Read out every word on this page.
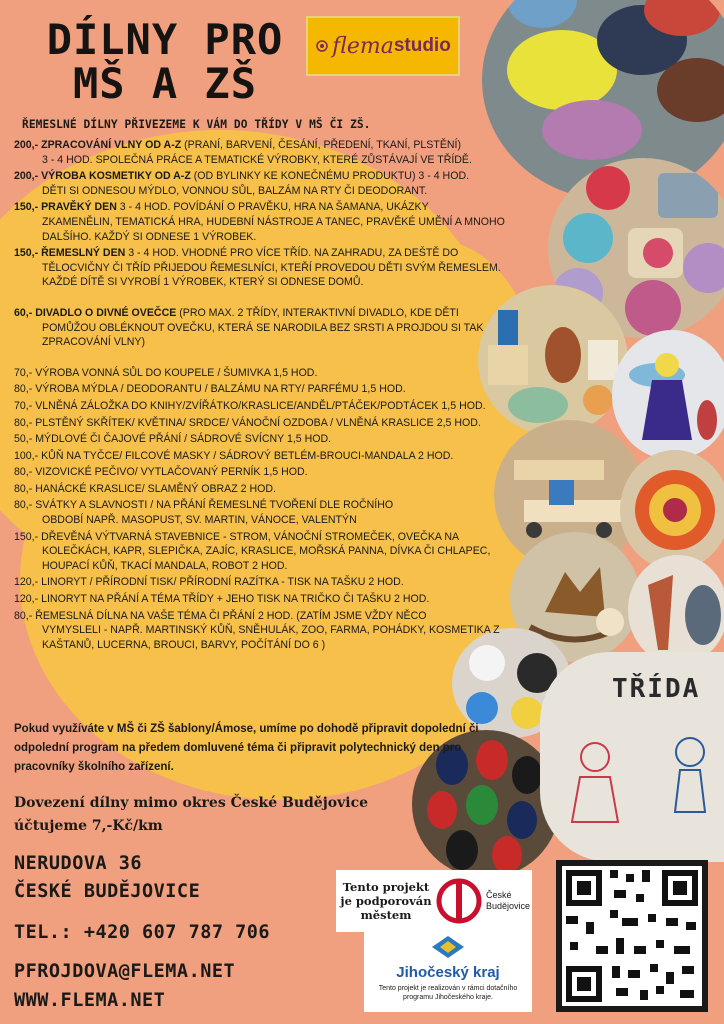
DÍLNY PRO
MŠ A ZŠ
flema studio
TŘÍDA
ŘEMESLNÉ DÍLNY PŘIVEZEME K VÁM DO TŘÍDY V MŠ ČI ZŠ.
200,- ZPRACOVÁNÍ VLNY OD A-Z (PRANÍ, BARVENÍ, ČESÁNÍ, PŘEDENÍ, TKANÍ, PLSTĚNÍ)
3 - 4 HOD. SPOLEČNÁ PRÁCE A TEMATICKÉ VÝROBKY, KTERÉ ZŮSTÁVAJÍ VE TŘÍDĚ.
200,- VÝROBA KOSMETIKY OD A-Z (OD BYLINKY KE KONEČNÉMU PRODUKTU) 3 - 4 HOD.
DĚTI SI ODNESOU MÝDLO, VONNOU SŮL, BALZÁM NA RTY ČI DEODORANT.
150,- PRAVĚKÝ DEN 3 - 4 HOD. POVÍDÁNÍ O PRAVĚKU, HRA NA ŠAMANA, UKÁZKY
ZKAMENĚLIN, TEMATICKÁ HRA, HUDEBNÍ NÁSTROJE A TANEC, PRAVĚKÉ UMĚNÍ A MNOHO DALŠÍHO. KAŽDÝ SI ODNESE 1 VÝROBEK.
150,- ŘEMESLNÝ DEN 3 - 4 HOD. VHODNÉ PRO VÍCE TŘÍD. NA ZAHRADU, ZA DEŠTĚ DO
TĚLOCVIČNY ČI TŘÍD PŘIJEDOU ŘEMESLNÍCI, KTEŘÍ PROVEDOU DĚTI SVÝM ŘEMESLEM. KAŽDÉ DÍTĚ SI VYROBÍ 1 VÝROBEK, KTERÝ SI ODNESE DOMŮ.
60,- DIVADLO O DIVNÉ OVEČCE (PRO MAX. 2 TŘÍDY, INTERAKTIVNÍ DIVADLO, KDE DĚTI
POMŮŽOU OBLÉKNOUT OVEČKU, KTERÁ SE NARODILA BEZ SRSTI A PROJDOU SI TAK ZPRACOVÁNÍ VLNY)
70,- VÝROBA VONNÁ SŮL DO KOUPELE / ŠUMIVKA 1,5 HOD.
80,- VÝROBA MÝDLA / DEODORANTU / BALZÁMU NA RTY/ PARFÉMU 1,5 HOD.
70,- VLNĚNÁ ZÁLOŽKA DO KNIHY/ZVÍŘÁTKO/KRASLICE/ANDĚL/PTÁČEK/PODTÁCEK 1,5 HOD.
80,- PLSTĚNÝ SKŘÍTEK/ KVĚTINA/ SRDCE/ VÁNOČNÍ OZDOBA / VLNĚNÁ KRASLICE 2,5 HOD.
50,- MÝDLOVÉ ČI ČAJOVÉ PŘÁNÍ / SÁDROVÉ SVÍCNY 1,5 HOD.
100,- KŮŇ NA TYČCE/ FILCOVÉ MASKY / SÁDROVÝ BETLÉM-BROUCI-MANDALA 2 HOD.
80,- VIZOVICKÉ PEČIVO/ VYTLAČOVANÝ PERNÍK 1,5 HOD.
80,- HANÁCKÉ KRASLICE/ SLAMĚNÝ OBRAZ 2 HOD.
80,- SVÁTKY A SLAVNOSTI / NA PŘÁNÍ ŘEMESLNÉ TVOŘENÍ DLE ROČNÍHO
OBDOBÍ NAPŘ. MASOPUST, SV. MARTIN, VÁNOCE, VALENTÝN
150,- DŘEVĚNÁ VÝTVARNÁ STAVEBNICE - STROM, VÁNOČNÍ STROMEČEK, OVEČKA NA
KOLEČKÁCH, KAPR, SLEPIČKA, ZAJÍC, KRASLICE, MOŘSKÁ PANNA, DÍVKA ČI CHLAPEC, HOUPACÍ KŮŇ, TKACÍ MANDALA, ROBOT 2 HOD.
120,- LINORYT / PŘÍRODNÍ TISK/ PŘÍRODNÍ RAZÍTKA - TISK NA TAŠKU 2 HOD.
120,- LINORYT NA PŘÁNÍ A TÉMA TŘÍDY + JEHO TISK NA TRIČKO ČI TAŠKU 2 HOD.
80,- ŘEMESLNÁ DÍLNA NA VAŠE TÉMA ČI PŘÁNÍ 2 HOD. (ZATÍM JSME VŽDY NĚCO
VYMYSLELI - NAPŘ. MARTINSKÝ KŮŇ, SNĚHULÁK, ZOO, FARMA, POHÁDKY, KOSMETIKA Z KAŠTANŮ, LUCERNA, BROUCI, BARVY, POČÍTÁNÍ DO 6 )
Pokud využíváte v MŠ či ZŠ šablony/Ámose, umíme po dohodě připravit dopolední či odpolední program na předem domluvené téma či připravit polytechnický den pro pracovníky školního zařízení.
Dovezení dílny mimo okres České Budějovice
účtujeme 7,-Kč/km
NERUDOVA 36
ČESKÉ BUDĚJOVICE
TEL.: +420 607 787 706
PFROJDOVA@FLEMA.NET
WWW.FLEMA.NET
Tento projekt je podporován městem
České Budějovice
Jihočeský kraj
Tento projekt je realizován v rámci dotačního programu Jihočeského kraje.
